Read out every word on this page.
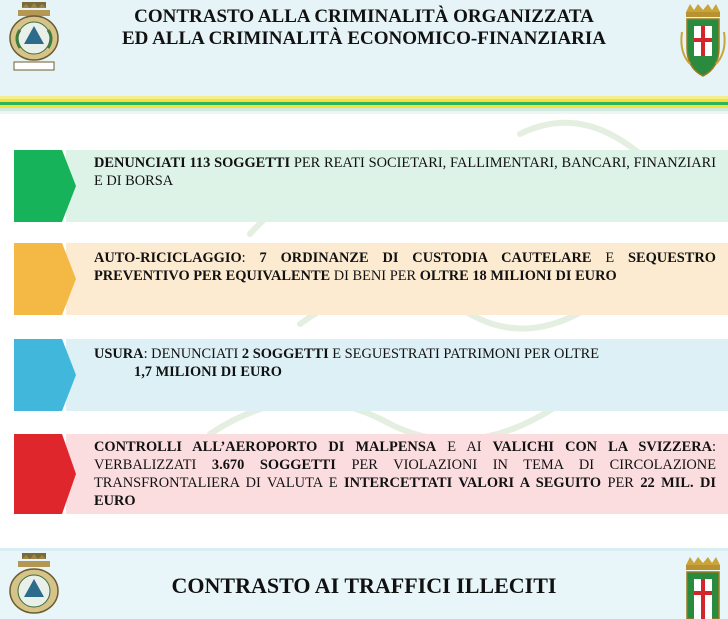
CONTRASTO ALLA CRIMINALITÀ ORGANIZZATA
ED ALLA CRIMINALITÀ ECONOMICO-FINANZIARIA
DENUNCIATI 113 SOGGETTI PER REATI SOCIETARI, FALLIMENTARI, BANCARI, FINANZIARI E DI BORSA
AUTO-RICICLAGGIO: 7 ORDINANZE DI CUSTODIA CAUTELARE E SEQUESTRO PREVENTIVO PER EQUIVALENTE DI BENI PER OLTRE 18 MILIONI DI EURO
USURA: DENUNCIATI 2 SOGGETTI E SEGUESTRATI PATRIMONI PER OLTRE
1,7 MILIONI DI EURO
CONTROLLI ALL’AEROPORTO DI MALPENSA E AI VALICHI CON LA SVIZZERA: VERBALIZZATI 3.670 SOGGETTI PER VIOLAZIONI IN TEMA DI CIRCOLAZIONE TRANSFRONTALIERA DI VALUTA E INTERCETTATI VALORI A SEGUITO PER 22 MIL. DI EURO
CONTRASTO AI TRAFFICI ILLECITI
